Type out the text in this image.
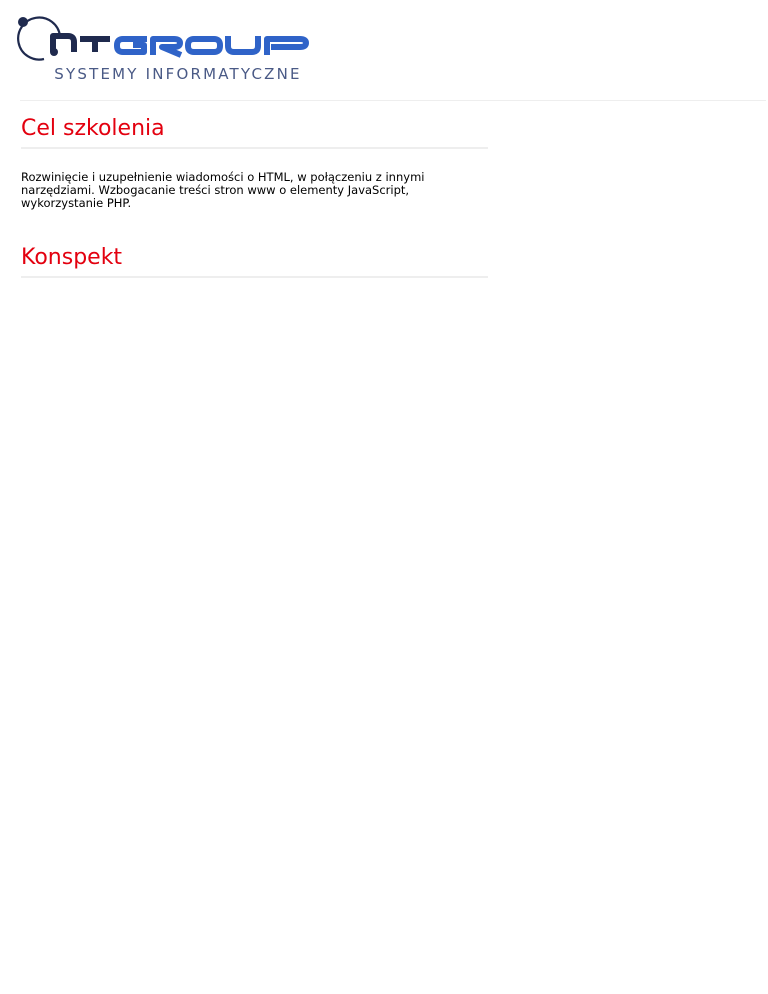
SYSTEMY INFORMATYCZNE
Cel szkolenia

Rozwinięcie i uzupełnienie wiadomości o HTML, w połączeniu z innymi narzędziami. Wzbogacanie treści stron www o elementy JavaScript, wykorzystanie PHP.

Konspekt
